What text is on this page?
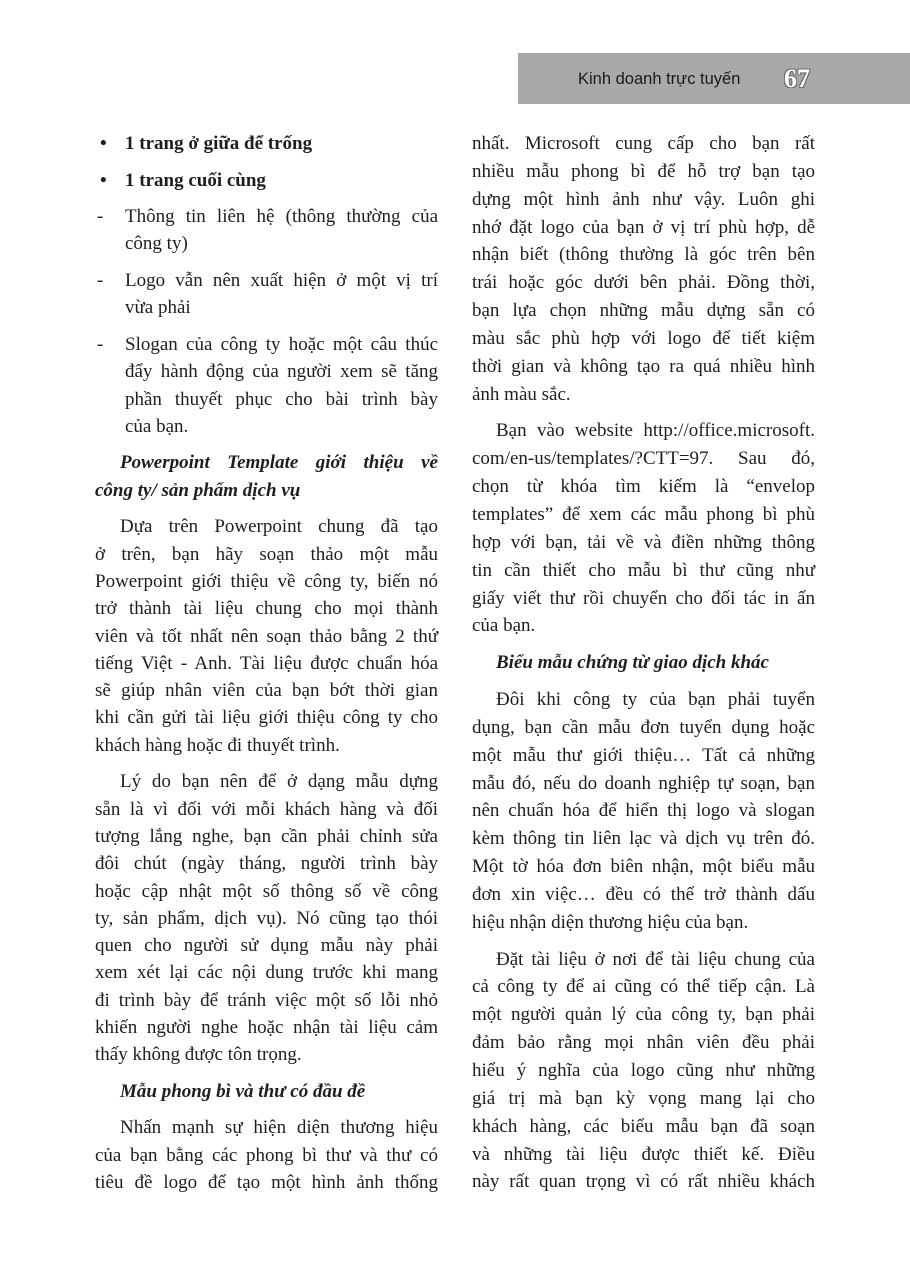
Kinh doanh trực tuyến 67
• 1 trang ở giữa để trống
• 1 trang cuối cùng
- Thông tin liên hệ (thông thường của
công ty)
- Logo vẫn nên xuất hiện ở một vị trí
vừa phải
- Slogan của công ty hoặc một câu thúc
đẩy hành động của người xem sẽ tăng
phần thuyết phục cho bài trình bày
của bạn.
Powerpoint Template giới thiệu về
công ty/ sản phẩm dịch vụ
Dựa trên Powerpoint chung đã tạo
ở trên, bạn hãy soạn thảo một mẫu
Powerpoint giới thiệu về công ty, biến nó
trở thành tài liệu chung cho mọi thành
viên và tốt nhất nên soạn thảo bằng 2 thứ
tiếng Việt - Anh. Tài liệu được chuẩn hóa
sẽ giúp nhân viên của bạn bớt thời gian
khi cần gửi tài liệu giới thiệu công ty cho
khách hàng hoặc đi thuyết trình.
Lý do bạn nên để ở dạng mẫu dựng
sẵn là vì đối với mỗi khách hàng và đối
tượng lắng nghe, bạn cần phải chỉnh sửa
đôi chút (ngày tháng, người trình bày
hoặc cập nhật một số thông số về công
ty, sản phẩm, dịch vụ). Nó cũng tạo thói
quen cho người sử dụng mẫu này phải
xem xét lại các nội dung trước khi mang
đi trình bày để tránh việc một số lỗi nhỏ
khiến người nghe hoặc nhận tài liệu cảm
thấy không được tôn trọng.
Mẫu phong bì và thư có đầu đề
Nhấn mạnh sự hiện diện thương hiệu
của bạn bằng các phong bì thư và thư có
tiêu đề logo để tạo một hình ảnh thống
nhất. Microsoft cung cấp cho bạn rất
nhiều mẫu phong bì để hỗ trợ bạn tạo
dựng một hình ảnh như vậy. Luôn ghi
nhớ đặt logo của bạn ở vị trí phù hợp, dễ
nhận biết (thông thường là góc trên bên
trái hoặc góc dưới bên phải. Đồng thời,
bạn lựa chọn những mẫu dựng sẵn có
màu sắc phù hợp với logo để tiết kiệm
thời gian và không tạo ra quá nhiều hình
ảnh màu sắc.
Bạn vào website http://office.microsoft.
com/en-us/templates/?CTT=97. Sau đó,
chọn từ khóa tìm kiếm là “envelop
templates” để xem các mẫu phong bì phù
hợp với bạn, tải về và điền những thông
tin cần thiết cho mẫu bì thư cũng như
giấy viết thư rồi chuyển cho đối tác in ấn
của bạn.
Biểu mẫu chứng từ giao dịch khác
Đôi khi công ty của bạn phải tuyển
dụng, bạn cần mẫu đơn tuyển dụng hoặc
một mẫu thư giới thiệu… Tất cả những
mẫu đó, nếu do doanh nghiệp tự soạn, bạn
nên chuẩn hóa để hiển thị logo và slogan
kèm thông tin liên lạc và dịch vụ trên đó.
Một tờ hóa đơn biên nhận, một biểu mẫu
đơn xin việc… đều có thể trở thành dấu
hiệu nhận diện thương hiệu của bạn.
Đặt tài liệu ở nơi để tài liệu chung của
cả công ty để ai cũng có thể tiếp cận. Là
một người quản lý của công ty, bạn phải
đảm bảo rằng mọi nhân viên đều phải
hiểu ý nghĩa của logo cũng như những
giá trị mà bạn kỳ vọng mang lại cho
khách hàng, các biểu mẫu bạn đã soạn
và những tài liệu được thiết kế. Điều
này rất quan trọng vì có rất nhiều khách
